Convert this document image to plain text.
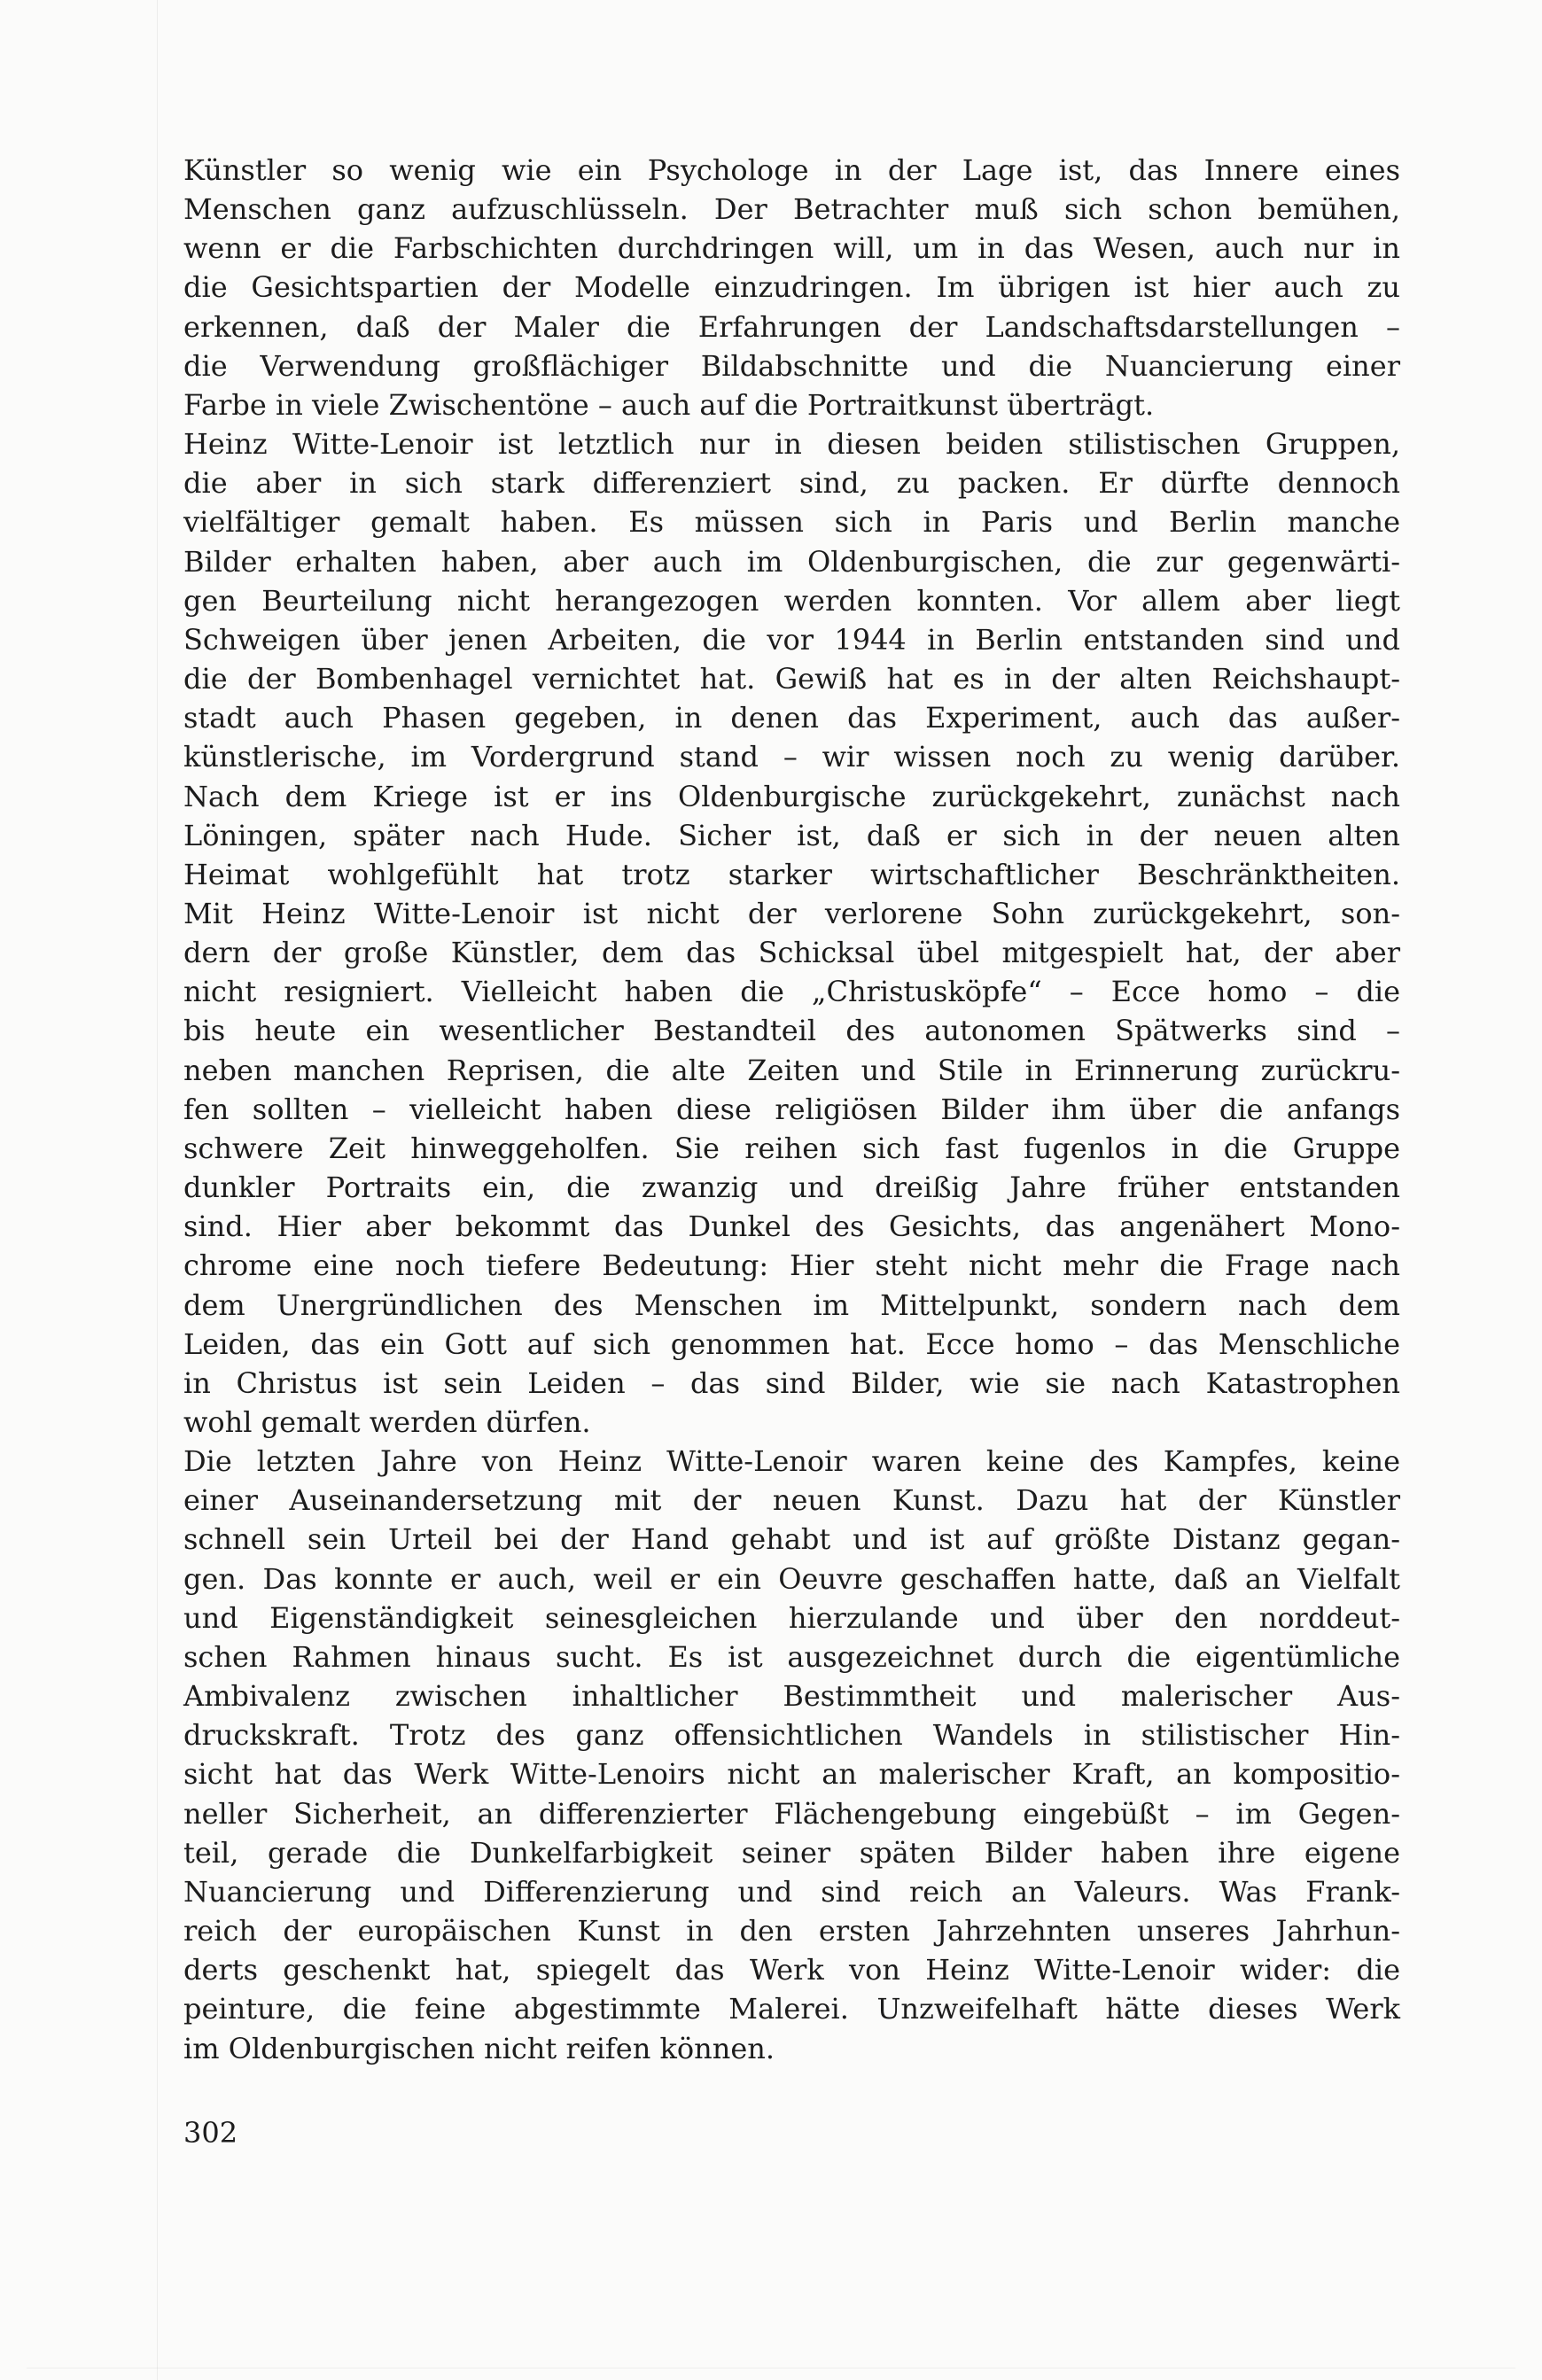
Künstler so wenig wie ein Psychologe in der Lage ist, das Innere eines
Menschen ganz aufzuschlüsseln. Der Betrachter muß sich schon bemühen,
wenn er die Farbschichten durchdringen will, um in das Wesen, auch nur in
die Gesichtspartien der Modelle einzudringen. Im übrigen ist hier auch zu
erkennen, daß der Maler die Erfahrungen der Landschaftsdarstellungen –
die Verwendung großflächiger Bildabschnitte und die Nuancierung einer
Farbe in viele Zwischentöne – auch auf die Portraitkunst überträgt.
Heinz Witte-Lenoir ist letztlich nur in diesen beiden stilistischen Gruppen,
die aber in sich stark differenziert sind, zu packen. Er dürfte dennoch
vielfältiger gemalt haben. Es müssen sich in Paris und Berlin manche
Bilder erhalten haben, aber auch im Oldenburgischen, die zur gegenwärti-
gen Beurteilung nicht herangezogen werden konnten. Vor allem aber liegt
Schweigen über jenen Arbeiten, die vor 1944 in Berlin entstanden sind und
die der Bombenhagel vernichtet hat. Gewiß hat es in der alten Reichshaupt-
stadt auch Phasen gegeben, in denen das Experiment, auch das außer-
künstlerische, im Vordergrund stand – wir wissen noch zu wenig darüber.
Nach dem Kriege ist er ins Oldenburgische zurückgekehrt, zunächst nach
Löningen, später nach Hude. Sicher ist, daß er sich in der neuen alten
Heimat wohlgefühlt hat trotz starker wirtschaftlicher Beschränktheiten.
Mit Heinz Witte-Lenoir ist nicht der verlorene Sohn zurückgekehrt, son-
dern der große Künstler, dem das Schicksal übel mitgespielt hat, der aber
nicht resigniert. Vielleicht haben die „Christusköpfe“ – Ecce homo – die
bis heute ein wesentlicher Bestandteil des autonomen Spätwerks sind –
neben manchen Reprisen, die alte Zeiten und Stile in Erinnerung zurückru-
fen sollten – vielleicht haben diese religiösen Bilder ihm über die anfangs
schwere Zeit hinweggeholfen. Sie reihen sich fast fugenlos in die Gruppe
dunkler Portraits ein, die zwanzig und dreißig Jahre früher entstanden
sind. Hier aber bekommt das Dunkel des Gesichts, das angenähert Mono-
chrome eine noch tiefere Bedeutung: Hier steht nicht mehr die Frage nach
dem Unergründlichen des Menschen im Mittelpunkt, sondern nach dem
Leiden, das ein Gott auf sich genommen hat. Ecce homo – das Menschliche
in Christus ist sein Leiden – das sind Bilder, wie sie nach Katastrophen
wohl gemalt werden dürfen.
Die letzten Jahre von Heinz Witte-Lenoir waren keine des Kampfes, keine
einer Auseinandersetzung mit der neuen Kunst. Dazu hat der Künstler
schnell sein Urteil bei der Hand gehabt und ist auf größte Distanz gegan-
gen. Das konnte er auch, weil er ein Oeuvre geschaffen hatte, daß an Vielfalt
und Eigenständigkeit seinesgleichen hierzulande und über den norddeut-
schen Rahmen hinaus sucht. Es ist ausgezeichnet durch die eigentümliche
Ambivalenz zwischen inhaltlicher Bestimmtheit und malerischer Aus-
druckskraft. Trotz des ganz offensichtlichen Wandels in stilistischer Hin-
sicht hat das Werk Witte-Lenoirs nicht an malerischer Kraft, an kompositio-
neller Sicherheit, an differenzierter Flächengebung eingebüßt – im Gegen-
teil, gerade die Dunkelfarbigkeit seiner späten Bilder haben ihre eigene
Nuancierung und Differenzierung und sind reich an Valeurs. Was Frank-
reich der europäischen Kunst in den ersten Jahrzehnten unseres Jahrhun-
derts geschenkt hat, spiegelt das Werk von Heinz Witte-Lenoir wider: die
peinture, die feine abgestimmte Malerei. Unzweifelhaft hätte dieses Werk
im Oldenburgischen nicht reifen können.
302
